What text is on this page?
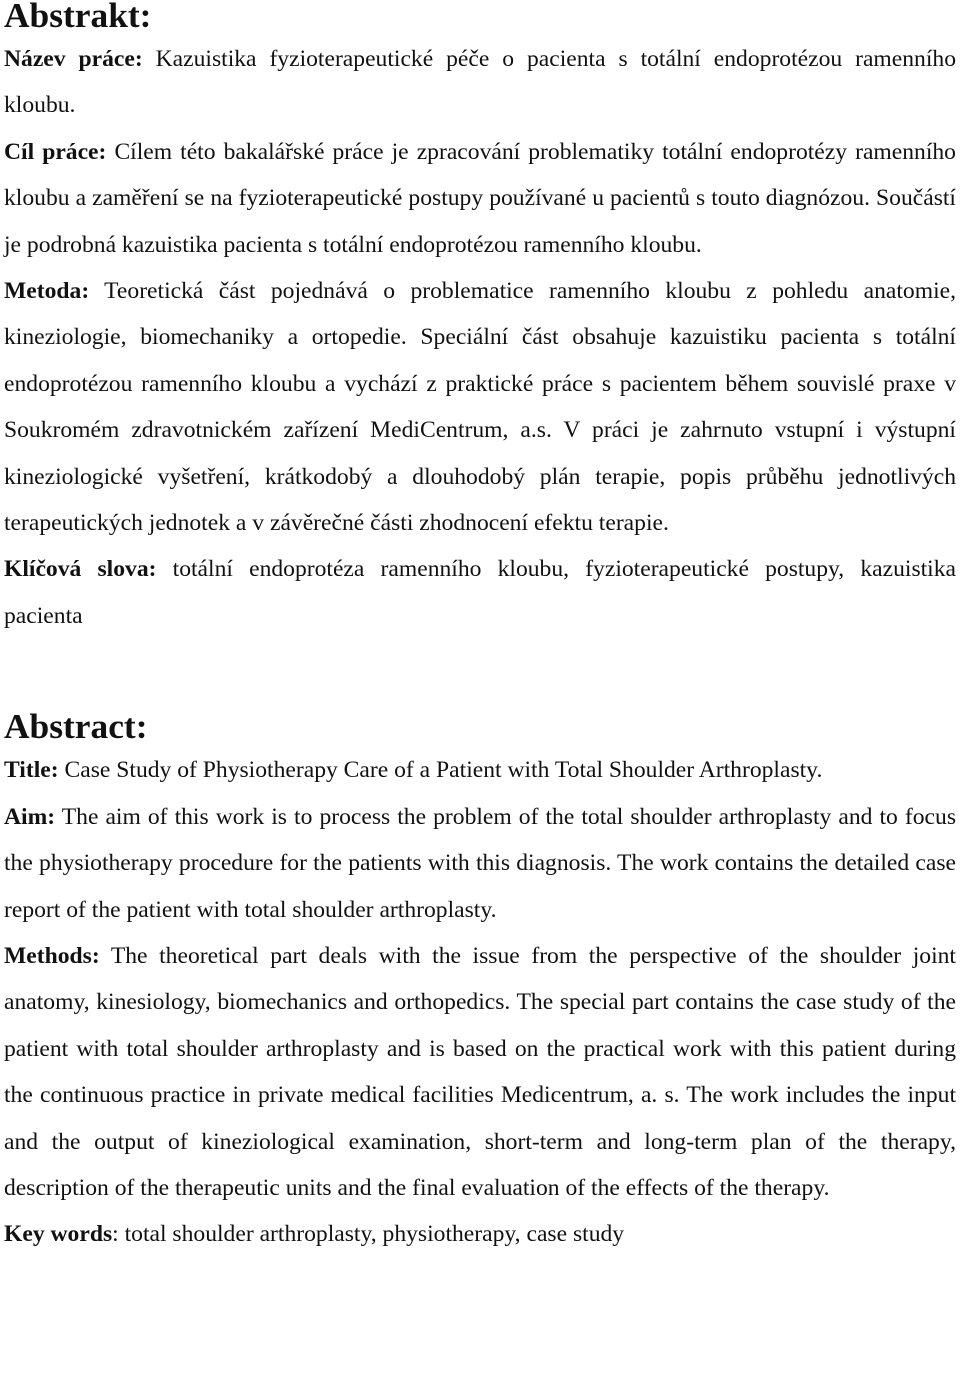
Abstrakt:

Název práce: Kazuistika fyzioterapeutické péče o pacienta s totální endoprotézou ramenního kloubu.

Cíl práce: Cílem této bakalářské práce je zpracování problematiky totální endoprotézy ramenního kloubu a zaměření se na fyzioterapeutické postupy používané u pacientů s touto diagnózou. Součástí je podrobná kazuistika pacienta s totální endoprotézou ramenního kloubu.

Metoda: Teoretická část pojednává o problematice ramenního kloubu z pohledu anatomie, kineziologie, biomechaniky a ortopedie. Speciální část obsahuje kazuistiku pacienta s totální endoprotézou ramenního kloubu a vychází z praktické práce s pacientem během souvislé praxe v Soukromém zdravotnickém zařízení MediCentrum, a.s. V práci je zahrnuto vstupní i výstupní kineziologické vyšetření, krátkodobý a dlouhodobý plán terapie, popis průběhu jednotlivých terapeutických jednotek a v závěrečné části zhodnocení efektu terapie.

Klíčová slova: totální endoprotéza ramenního kloubu, fyzioterapeutické postupy, kazuistika pacienta

Abstract:

Title: Case Study of Physiotherapy Care of a Patient with Total Shoulder Arthroplasty.

Aim: The aim of this work is to process the problem of the total shoulder arthroplasty and to focus the physiotherapy procedure for the patients with this diagnosis. The work contains the detailed case report of the patient with total shoulder arthroplasty.

Methods: The theoretical part deals with the issue from the perspective of the shoulder joint anatomy, kinesiology, biomechanics and orthopedics. The special part contains the case study of the patient with total shoulder arthroplasty and is based on the practical work with this patient during the continuous practice in private medical facilities Medicentrum, a. s. The work includes the input and the output of kineziological examination, short-term and long-term plan of the therapy, description of the therapeutic units and the final evaluation of the effects of the therapy.

Key words: total shoulder arthroplasty, physiotherapy, case study
